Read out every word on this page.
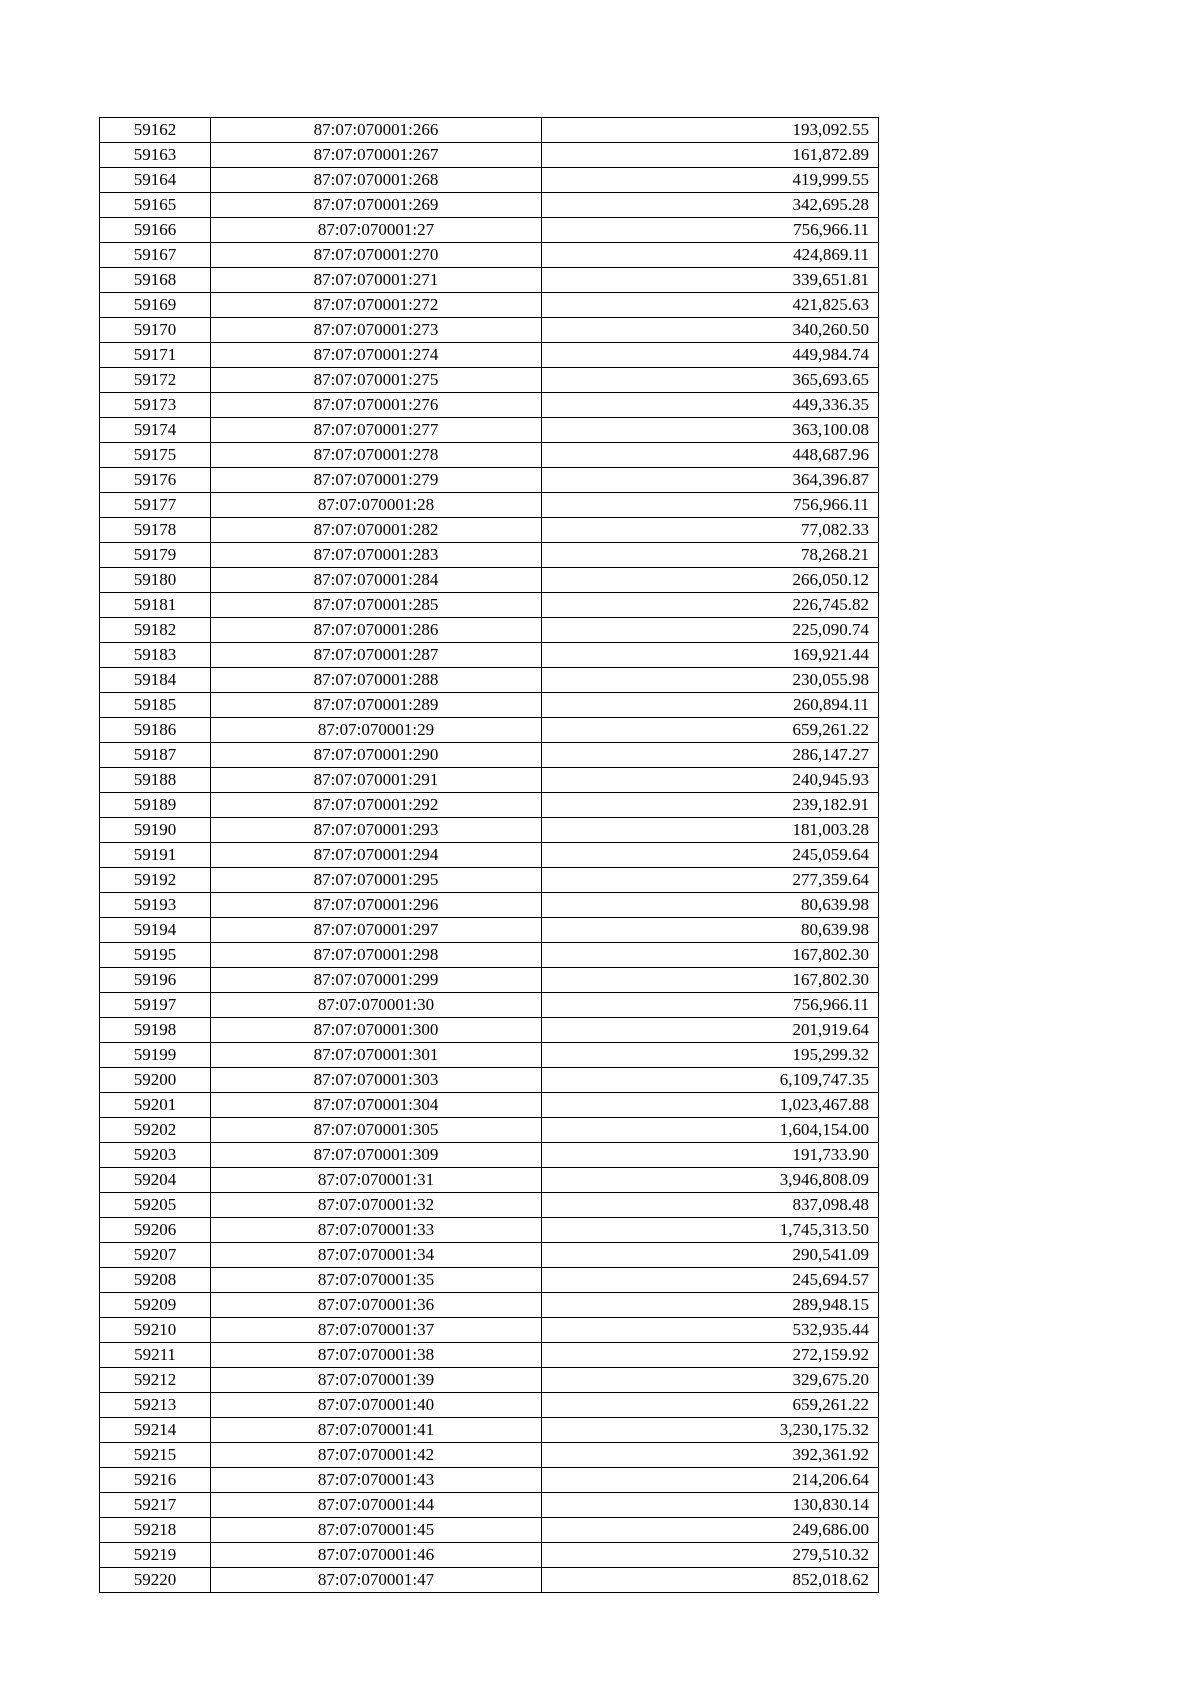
59162	87:07:070001:266	193,092.55
59163	87:07:070001:267	161,872.89
59164	87:07:070001:268	419,999.55
59165	87:07:070001:269	342,695.28
59166	87:07:070001:27	756,966.11
59167	87:07:070001:270	424,869.11
59168	87:07:070001:271	339,651.81
59169	87:07:070001:272	421,825.63
59170	87:07:070001:273	340,260.50
59171	87:07:070001:274	449,984.74
59172	87:07:070001:275	365,693.65
59173	87:07:070001:276	449,336.35
59174	87:07:070001:277	363,100.08
59175	87:07:070001:278	448,687.96
59176	87:07:070001:279	364,396.87
59177	87:07:070001:28	756,966.11
59178	87:07:070001:282	77,082.33
59179	87:07:070001:283	78,268.21
59180	87:07:070001:284	266,050.12
59181	87:07:070001:285	226,745.82
59182	87:07:070001:286	225,090.74
59183	87:07:070001:287	169,921.44
59184	87:07:070001:288	230,055.98
59185	87:07:070001:289	260,894.11
59186	87:07:070001:29	659,261.22
59187	87:07:070001:290	286,147.27
59188	87:07:070001:291	240,945.93
59189	87:07:070001:292	239,182.91
59190	87:07:070001:293	181,003.28
59191	87:07:070001:294	245,059.64
59192	87:07:070001:295	277,359.64
59193	87:07:070001:296	80,639.98
59194	87:07:070001:297	80,639.98
59195	87:07:070001:298	167,802.30
59196	87:07:070001:299	167,802.30
59197	87:07:070001:30	756,966.11
59198	87:07:070001:300	201,919.64
59199	87:07:070001:301	195,299.32
59200	87:07:070001:303	6,109,747.35
59201	87:07:070001:304	1,023,467.88
59202	87:07:070001:305	1,604,154.00
59203	87:07:070001:309	191,733.90
59204	87:07:070001:31	3,946,808.09
59205	87:07:070001:32	837,098.48
59206	87:07:070001:33	1,745,313.50
59207	87:07:070001:34	290,541.09
59208	87:07:070001:35	245,694.57
59209	87:07:070001:36	289,948.15
59210	87:07:070001:37	532,935.44
59211	87:07:070001:38	272,159.92
59212	87:07:070001:39	329,675.20
59213	87:07:070001:40	659,261.22
59214	87:07:070001:41	3,230,175.32
59215	87:07:070001:42	392,361.92
59216	87:07:070001:43	214,206.64
59217	87:07:070001:44	130,830.14
59218	87:07:070001:45	249,686.00
59219	87:07:070001:46	279,510.32
59220	87:07:070001:47	852,018.62
